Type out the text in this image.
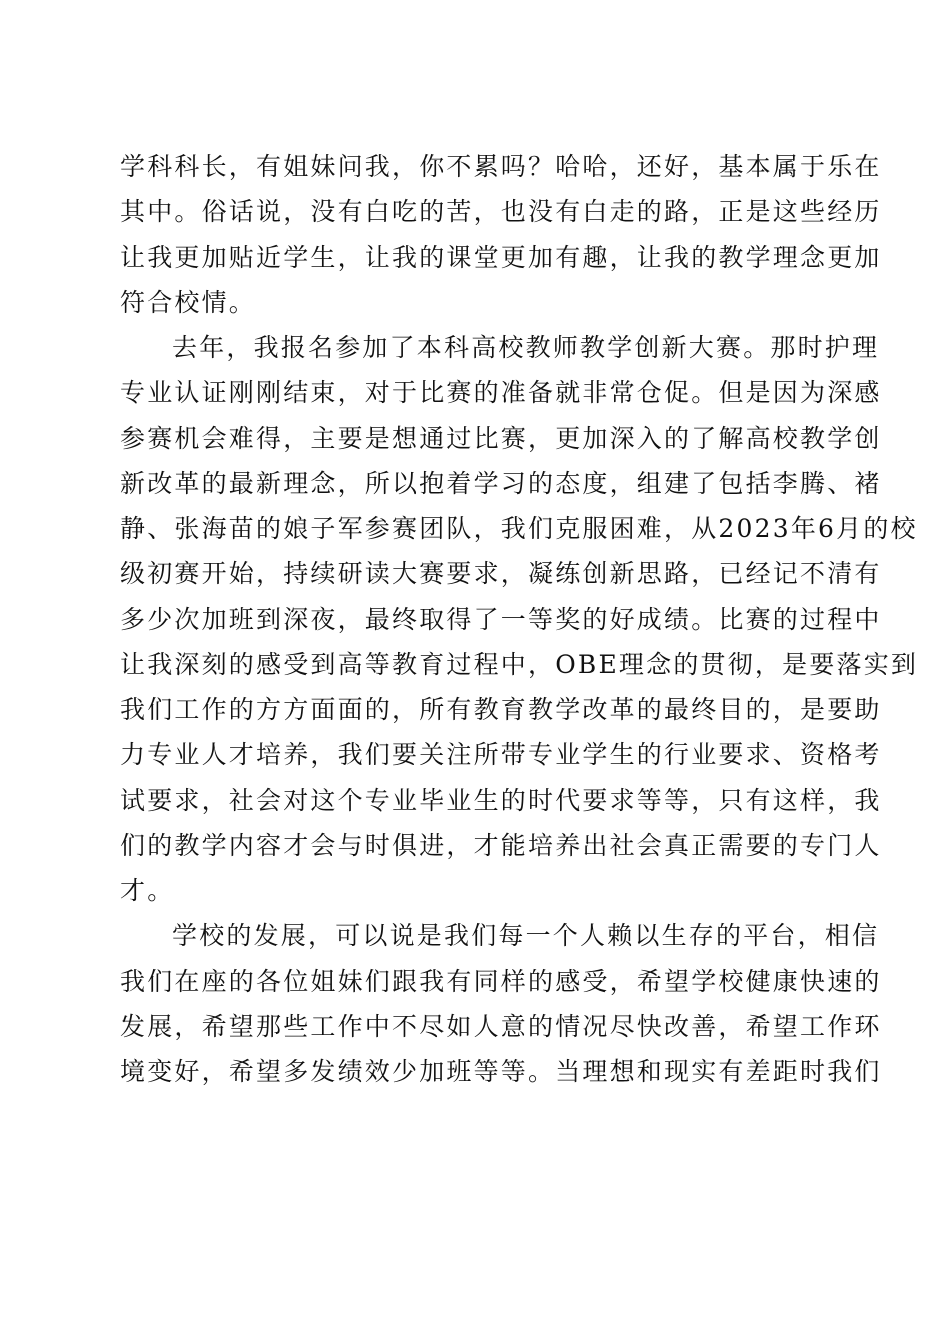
学科科长，有姐妹问我，你不累吗？哈哈，还好，基本属于乐在
其中。俗话说，没有白吃的苦，也没有白走的路，正是这些经历
让我更加贴近学生，让我的课堂更加有趣，让我的教学理念更加
符合校情。
去年，我报名参加了本科高校教师教学创新大赛。那时护理
专业认证刚刚结束，对于比赛的准备就非常仓促。但是因为深感
参赛机会难得，主要是想通过比赛，更加深入的了解高校教学创
新改革的最新理念，所以抱着学习的态度，组建了包括李腾、褚
静、张海苗的娘子军参赛团队，我们克服困难，从2023年6月的校
级初赛开始，持续研读大赛要求，凝练创新思路，已经记不清有
多少次加班到深夜，最终取得了一等奖的好成绩。比赛的过程中
让我深刻的感受到高等教育过程中，OBE理念的贯彻，是要落实到
我们工作的方方面面的，所有教育教学改革的最终目的，是要助
力专业人才培养，我们要关注所带专业学生的行业要求、资格考
试要求，社会对这个专业毕业生的时代要求等等，只有这样，我
们的教学内容才会与时俱进，才能培养出社会真正需要的专门人
才。
学校的发展，可以说是我们每一个人赖以生存的平台，相信
我们在座的各位姐妹们跟我有同样的感受，希望学校健康快速的
发展，希望那些工作中不尽如人意的情况尽快改善，希望工作环
境变好，希望多发绩效少加班等等。当理想和现实有差距时我们
